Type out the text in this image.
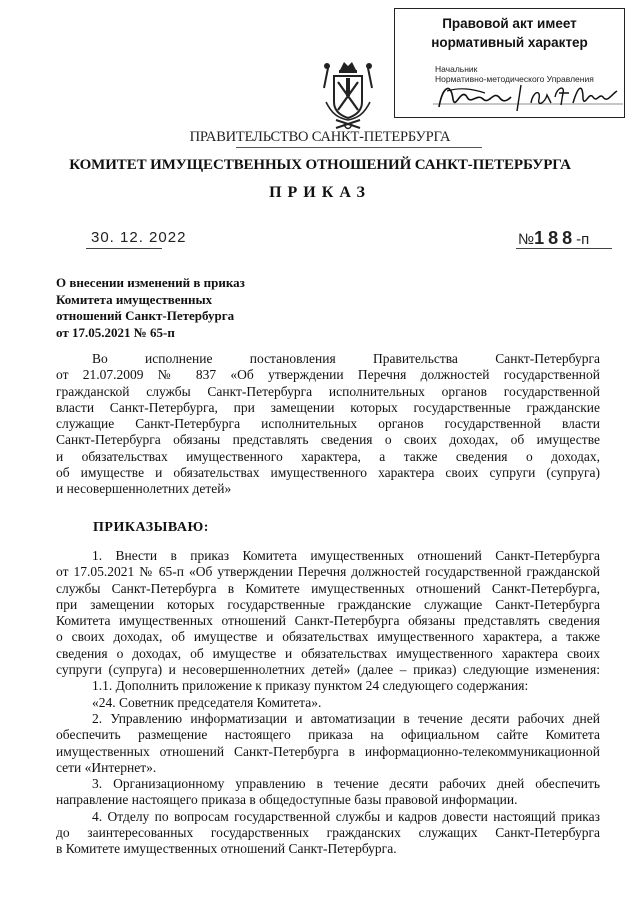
Правовой акт имеет
нормативный характер
Начальник
Нормативно-методического Управления
ПРАВИТЕЛЬСТВО САНКТ-ПЕТЕРБУРГА
КОМИТЕТ ИМУЩЕСТВЕННЫХ ОТНОШЕНИЙ САНКТ-ПЕТЕРБУРГА
ПРИКАЗ
30. 12. 2022	№188-п
О внесении изменений в приказ
Комитета имущественных
отношений Санкт-Петербурга
от 17.05.2021 № 65-п
Во исполнение постановления Правительства Санкт-Петербурга
от 21.07.2009 № 837 «Об утверждении Перечня должностей государственной
гражданской службы Санкт-Петербурга исполнительных органов государственной
власти Санкт-Петербурга, при замещении которых государственные гражданские
служащие Санкт-Петербурга исполнительных органов государственной власти
Санкт-Петербурга обязаны представлять сведения о своих доходах, об имуществе
и обязательствах имущественного характера, а также сведения о доходах,
об имуществе и обязательствах имущественного характера своих супруги (супруга)
и несовершеннолетних детей»
ПРИКАЗЫВАЮ:
1. Внести в приказ Комитета имущественных отношений Санкт-Петербурга
от 17.05.2021 № 65-п «Об утверждении Перечня должностей государственной гражданской
службы Санкт-Петербурга в Комитете имущественных отношений Санкт-Петербурга,
при замещении которых государственные гражданские служащие Санкт-Петербурга
Комитета имущественных отношений Санкт-Петербурга обязаны представлять сведения
о своих доходах, об имуществе и обязательствах имущественного характера, а также
сведения о доходах, об имуществе и обязательствах имущественного характера своих
супруги (супруга) и несовершеннолетних детей» (далее – приказ) следующие изменения:
1.1. Дополнить приложение к приказу пунктом 24 следующего содержания:
«24. Советник председателя Комитета».
2. Управлению информатизации и автоматизации в течение десяти рабочих дней
обеспечить размещение настоящего приказа на официальном сайте Комитета
имущественных отношений Санкт-Петербурга в информационно-телекоммуникационной
сети «Интернет».
3. Организационному управлению в течение десяти рабочих дней обеспечить
направление настоящего приказа в общедоступные базы правовой информации.
4. Отделу по вопросам государственной службы и кадров довести настоящий приказ
до заинтересованных государственных гражданских служащих Санкт-Петербурга
в Комитете имущественных отношений Санкт-Петербурга.
